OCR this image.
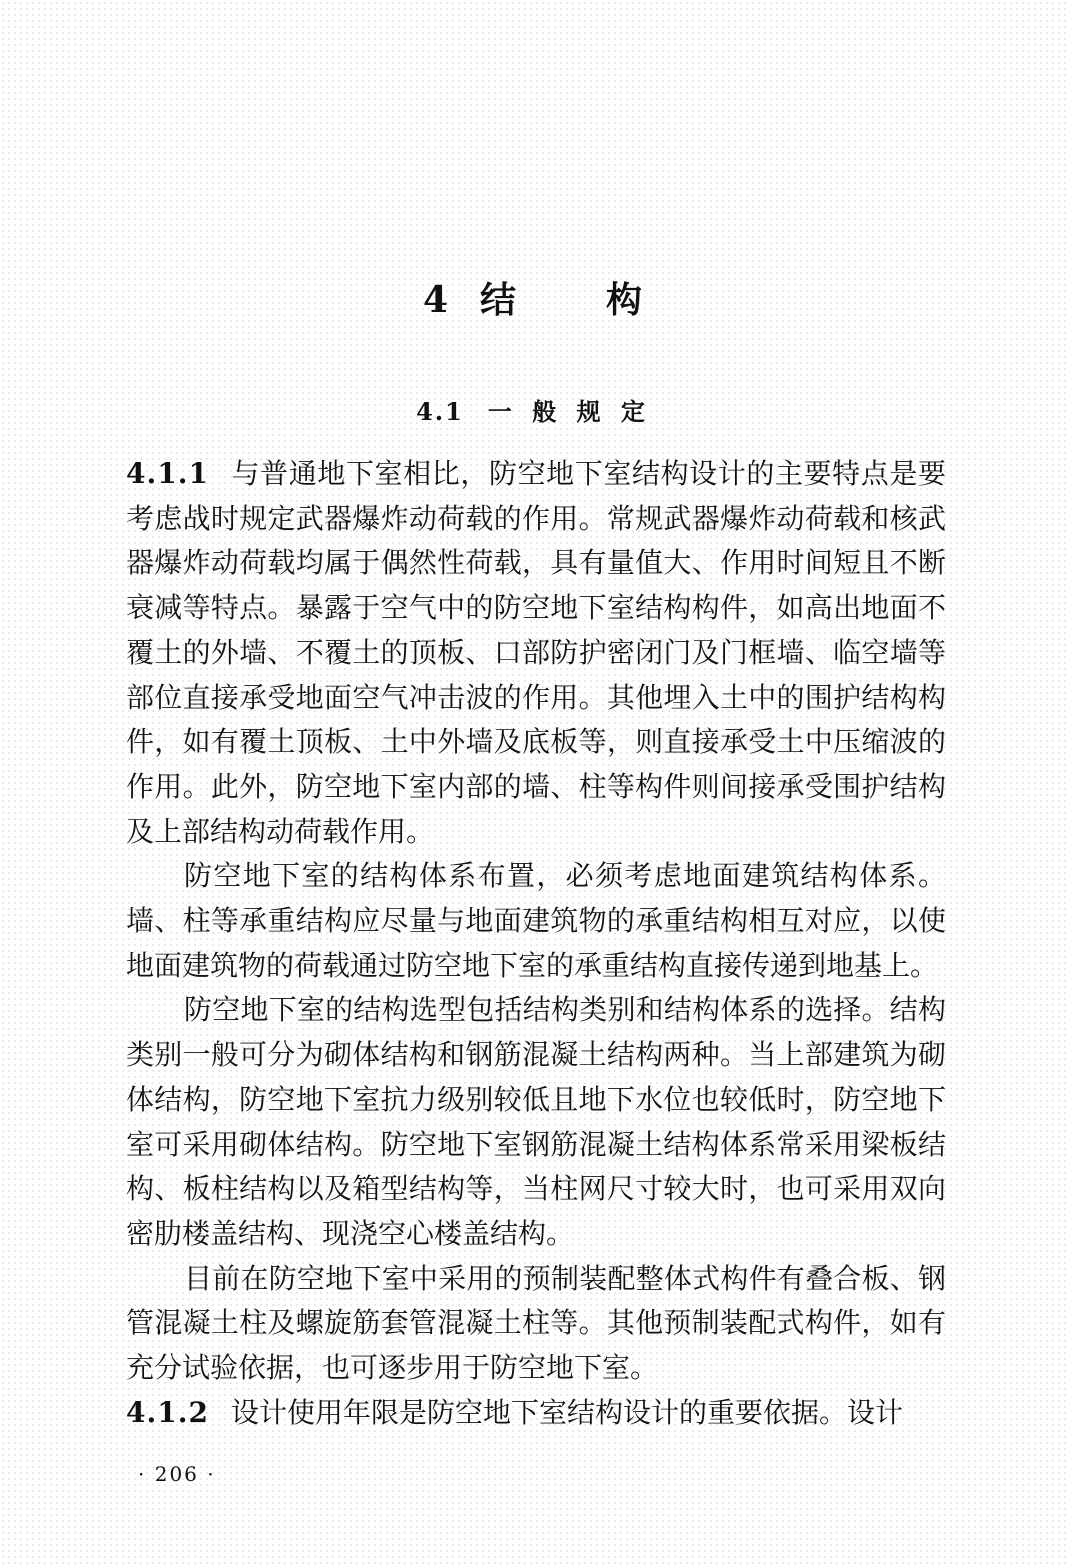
4 结 构
4.1 一 般 规 定

4.1.1 与普通地下室相比，防空地下室结构设计的主要特点是要考虑战时规定武器爆炸动荷载的作用。常规武器爆炸动荷载和核武器爆炸动荷载均属于偶然性荷载，具有量值大、作用时间短且不断衰减等特点。暴露于空气中的防空地下室结构构件，如高出地面不覆土的外墙、不覆土的顶板、口部防护密闭门及门框墙、临空墙等部位直接承受地面空气冲击波的作用。其他埋入土中的围护结构构件，如有覆土顶板、土中外墙及底板等，则直接承受土中压缩波的作用。此外，防空地下室内部的墙、柱等构件则间接承受围护结构及上部结构动荷载作用。

防空地下室的结构体系布置，必须考虑地面建筑结构体系。墙、柱等承重结构应尽量与地面建筑物的承重结构相互对应，以使地面建筑物的荷载通过防空地下室的承重结构直接传递到地基上。

防空地下室的结构选型包括结构类别和结构体系的选择。结构类别一般可分为砌体结构和钢筋混凝土结构两种。当上部建筑为砌体结构，防空地下室抗力级别较低且地下水位也较低时，防空地下室可采用砌体结构。防空地下室钢筋混凝土结构体系常采用梁板结构、板柱结构以及箱型结构等，当柱网尺寸较大时，也可采用双向密肋楼盖结构、现浇空心楼盖结构。

目前在防空地下室中采用的预制装配整体式构件有叠合板、钢管混凝土柱及螺旋筋套管混凝土柱等。其他预制装配式构件，如有充分试验依据，也可逐步用于防空地下室。

4.1.2 设计使用年限是防空地下室结构设计的重要依据。设计

· 206 ·
